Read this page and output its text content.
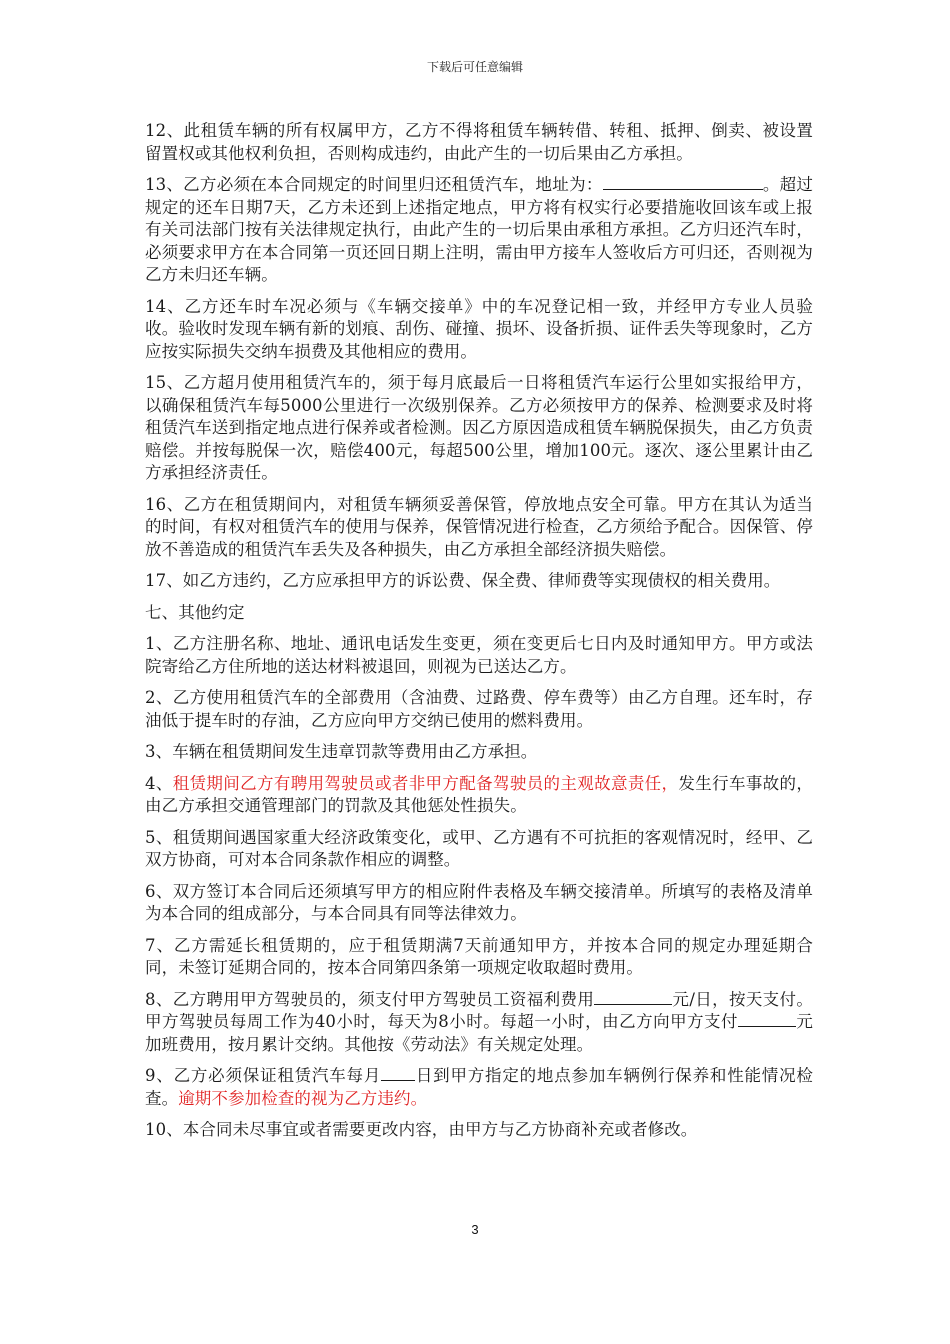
下载后可任意编辑

12、此租赁车辆的所有权属甲方，乙方不得将租赁车辆转借、转租、抵押、倒卖、被设置留置权或其他权利负担，否则构成违约，由此产生的一切后果由乙方承担。

13、乙方必须在本合同规定的时间里归还租赁汽车，地址为：	。超过规定的还车日期7天，乙方未还到上述指定地点，甲方将有权实行必要措施收回该车或上报有关司法部门按有关法律规定执行，由此产生的一切后果由承租方承担。乙方归还汽车时，必须要求甲方在本合同第一页还回日期上注明，需由甲方接车人签收后方可归还，否则视为乙方未归还车辆。

14、乙方还车时车况必须与《车辆交接单》中的车况登记相一致，并经甲方专业人员验收。验收时发现车辆有新的划痕、刮伤、碰撞、损坏、设备折损、证件丢失等现象时，乙方应按实际损失交纳车损费及其他相应的费用。

15、乙方超月使用租赁汽车的，须于每月底最后一日将租赁汽车运行公里如实报给甲方，以确保租赁汽车每5000公里进行一次级别保养。乙方必须按甲方的保养、检测要求及时将租赁汽车送到指定地点进行保养或者检测。因乙方原因造成租赁车辆脱保损失，由乙方负责赔偿。并按每脱保一次，赔偿400元，每超500公里，增加100元。逐次、逐公里累计由乙方承担经济责任。

16、乙方在租赁期间内，对租赁车辆须妥善保管，停放地点安全可靠。甲方在其认为适当的时间，有权对租赁汽车的使用与保养，保管情况进行检查，乙方须给予配合。因保管、停放不善造成的租赁汽车丢失及各种损失，由乙方承担全部经济损失赔偿。

17、如乙方违约，乙方应承担甲方的诉讼费、保全费、律师费等实现债权的相关费用。

七、其他约定

1、乙方注册名称、地址、通讯电话发生变更，须在变更后七日内及时通知甲方。甲方或法院寄给乙方住所地的送达材料被退回，则视为已送达乙方。

2、乙方使用租赁汽车的全部费用（含油费、过路费、停车费等）由乙方自理。还车时，存油低于提车时的存油，乙方应向甲方交纳已使用的燃料费用。

3、车辆在租赁期间发生违章罚款等费用由乙方承担。

4、租赁期间乙方有聘用驾驶员或者非甲方配备驾驶员的主观故意责任，发生行车事故的，由乙方承担交通管理部门的罚款及其他惩处性损失。

5、租赁期间遇国家重大经济政策变化，或甲、乙方遇有不可抗拒的客观情况时，经甲、乙双方协商，可对本合同条款作相应的调整。

6、双方签订本合同后还须填写甲方的相应附件表格及车辆交接清单。所填写的表格及清单为本合同的组成部分，与本合同具有同等法律效力。

7、乙方需延长租赁期的，应于租赁期满7天前通知甲方，并按本合同的规定办理延期合同，未签订延期合同的，按本合同第四条第一项规定收取超时费用。

8、乙方聘用甲方驾驶员的，须支付甲方驾驶员工资福利费用	元/日，按天支付。甲方驾驶员每周工作为40小时，每天为8小时。每超一小时，由乙方向甲方支付	元加班费用，按月累计交纳。其他按《劳动法》有关规定处理。

9、乙方必须保证租赁汽车每月 日到甲方指定的地点参加车辆例行保养和性能情况检查。逾期不参加检查的视为乙方违约。

10、本合同未尽事宜或者需要更改内容，由甲方与乙方协商补充或者修改。

3
